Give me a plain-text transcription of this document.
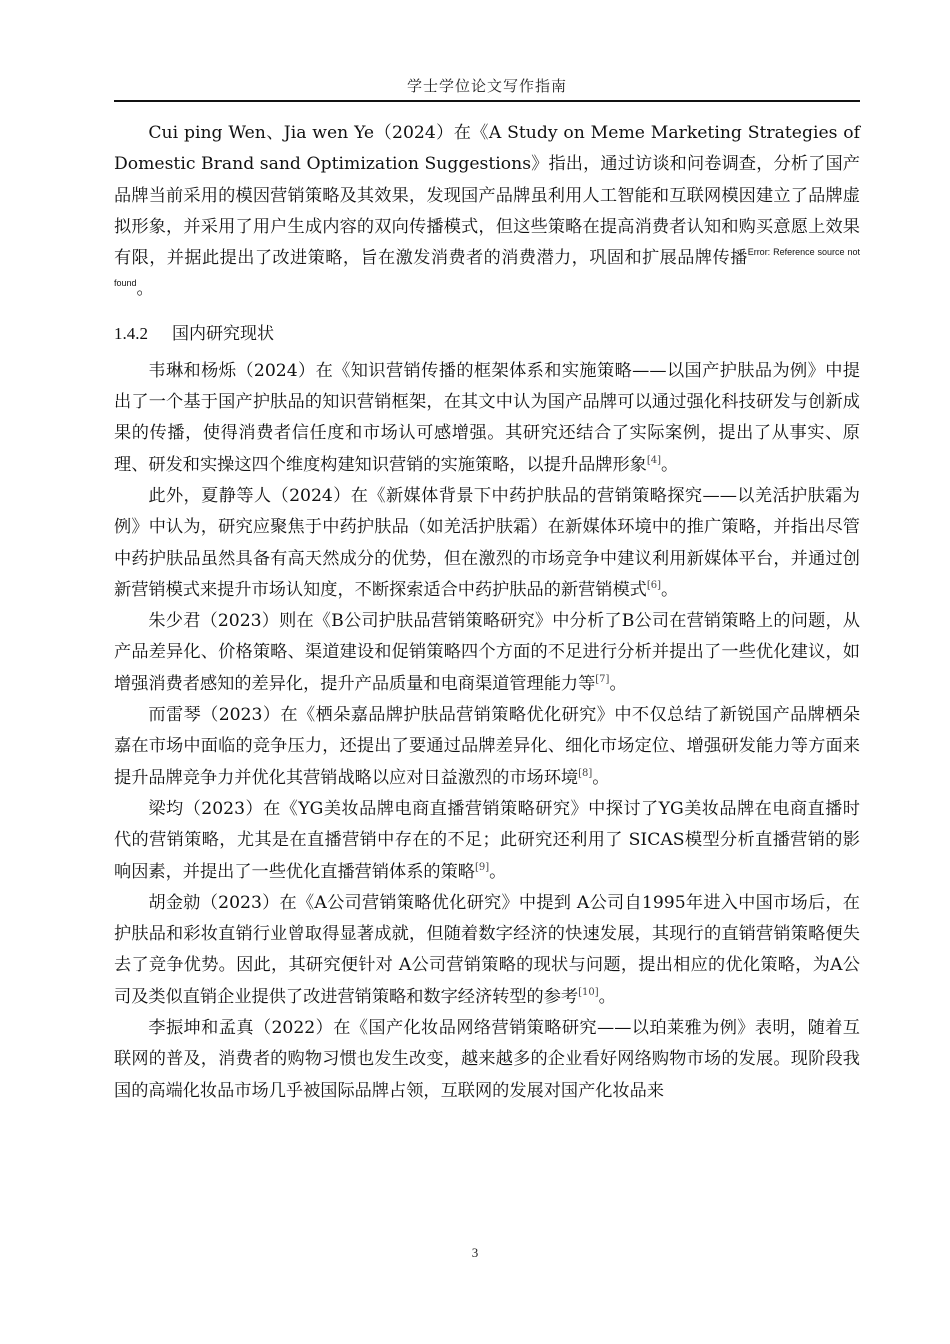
学士学位论文写作指南

Cui ping Wen、Jia wen Ye（2024）在《A Study on Meme Marketing Strategies of Domestic Brand sand Optimization Suggestions》指出，通过访谈和问卷调查，分析了国产品牌当前采用的模因营销策略及其效果，发现国产品牌虽利用人工智能和互联网模因建立了品牌虚拟形象，并采用了用户生成内容的双向传播模式，但这些策略在提高消费者认知和购买意愿上效果有限，并据此提出了改进策略，旨在激发消费者的消费潜力，巩固和扩展品牌传播$^{Error: Reference source not found}$。

1.4.2 国内研究现状

韦琳和杨烁（2024）在《知识营销传播的框架体系和实施策略——以国产护肤品为例》中提出了一个基于国产护肤品的知识营销框架，在其文中认为国产品牌可以通过强化科技研发与创新成果的传播，使得消费者信任度和市场认可感增强。其研究还结合了实际案例，提出了从事实、原理、研发和实操这四个维度构建知识营销的实施策略，以提升品牌形象[4]。

此外，夏静等人（2024）在《新媒体背景下中药护肤品的营销策略探究——以羌活护肤霜为例》中认为，研究应聚焦于中药护肤品（如羌活护肤霜）在新媒体环境中的推广策略，并指出尽管中药护肤品虽然具备有高天然成分的优势，但在激烈的市场竞争中建议利用新媒体平台，并通过创新营销模式来提升市场认知度，不断探索适合中药护肤品的新营销模式[6]。

朱少君（2023）则在《B公司护肤品营销策略研究》中分析了B公司在营销策略上的问题，从产品差异化、价格策略、渠道建设和促销策略四个方面的不足进行分析并提出了一些优化建议，如增强消费者感知的差异化，提升产品质量和电商渠道管理能力等[7]。

而雷琴（2023）在《栖朵嘉品牌护肤品营销策略优化研究》中不仅总结了新锐国产品牌栖朵嘉在市场中面临的竞争压力，还提出了要通过品牌差异化、细化市场定位、增强研发能力等方面来提升品牌竞争力并优化其营销战略以应对日益激烈的市场环境[8]。

梁均（2023）在《YG美妆品牌电商直播营销策略研究》中探讨了YG美妆品牌在电商直播时代的营销策略，尤其是在直播营销中存在的不足；此研究还利用了 SICAS模型分析直播营销的影响因素，并提出了一些优化直播营销体系的策略[9]。

胡金勍（2023）在《A公司营销策略优化研究》中提到 A公司自1995年进入中国市场后，在护肤品和彩妆直销行业曾取得显著成就，但随着数字经济的快速发展，其现行的直销营销策略便失去了竞争优势。因此，其研究便针对 A公司营销策略的现状与问题，提出相应的优化策略，为A公司及类似直销企业提供了改进营销策略和数字经济转型的参考[10]。

李振坤和孟真（2022）在《国产化妆品网络营销策略研究——以珀莱雅为例》表明，随着互联网的普及，消费者的购物习惯也发生改变，越来越多的企业看好网络购物市场的发展。现阶段我国的高端化妆品市场几乎被国际品牌占领，互联网的发展对国产化妆品来

3
